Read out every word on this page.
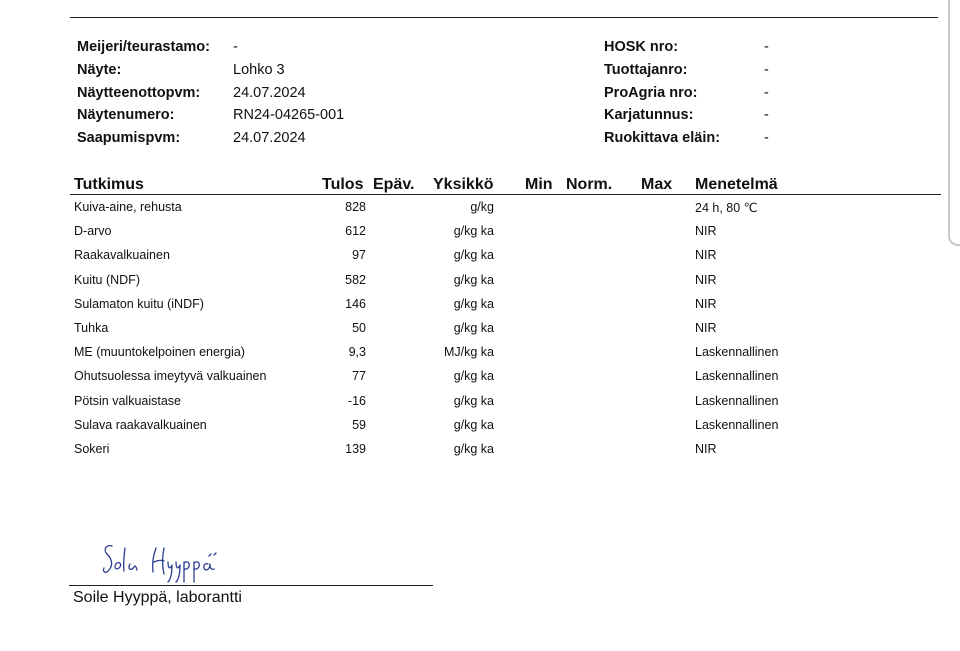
Meijeri/teurastamo: -
Näyte:	Lohko 3
Näytteenottopvm: 24.07.2024
Näytenumero:	RN24-04265-001
Saapumispvm:	24.07.2024
HOSK nro:	-
Tuottajanro:	-
ProAgria nro:	-
Karjatunnus:	-
Ruokittava eläin:	-
Tutkimus	Tulos Epäv. Yksikkö Min Norm. Max Menetelmä
Kuiva-aine, rehusta	828	g/kg	24 h, 80 ℃
D-arvo	612	g/kg ka	NIR
Raakavalkuainen	97	g/kg ka	NIR
Kuitu (NDF)	582	g/kg ka	NIR
Sulamaton kuitu (iNDF)	146	g/kg ka	NIR
Tuhka	50	g/kg ka	NIR
ME (muuntokelpoinen energia)	9,3	MJ/kg ka	Laskennallinen
Ohutsuolessa imeytyvä valkuainen	77	g/kg ka	Laskennallinen
Pötsin valkuaistase	-16	g/kg ka	Laskennallinen
Sulava raakavalkuainen	59	g/kg ka	Laskennallinen
Sokeri	139	g/kg ka	NIR
Soile Hyyppä, laborantti
